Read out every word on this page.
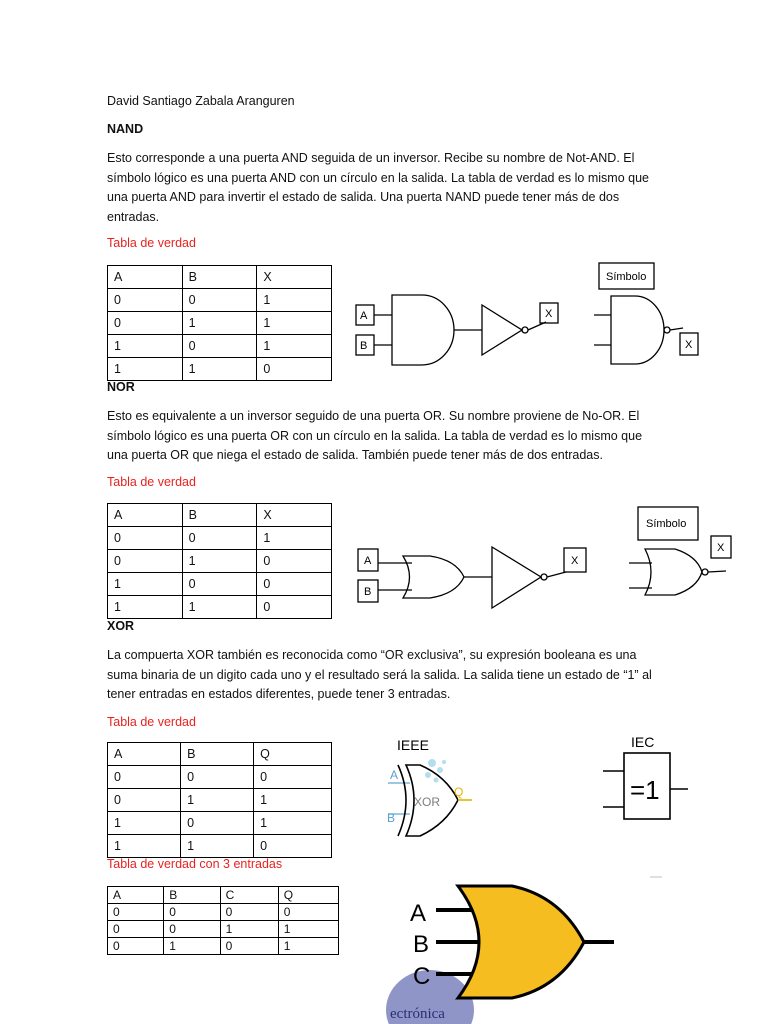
David Santiago Zabala Aranguren
NAND
Esto corresponde a una puerta AND seguida de un inversor. Recibe su nombre de Not-AND. El símbolo lógico es una puerta AND con un círculo en la salida. La tabla de verdad es lo mismo que una puerta AND para invertir el estado de salida. Una puerta NAND puede tener más de dos entradas.
Tabla de verdad
A	B	X
0	0	1
0	1	1
1	0	1
1	1	0
A
B
X
Símbolo
X
NOR
Esto es equivalente a un inversor seguido de una puerta OR. Su nombre proviene de No-OR. El símbolo lógico es una puerta OR con un círculo en la salida. La tabla de verdad es lo mismo que una puerta OR que niega el estado de salida. También puede tener más de dos entradas.
Tabla de verdad
A	B	X
0	0	1
0	1	0
1	0	0
1	1	0
A
B
X
Símbolo
X
XOR
La compuerta XOR también es reconocida como “OR exclusiva”, su expresión booleana es una suma binaria de un digito cada uno y el resultado será la salida. La salida tiene un estado de “1” al tener entradas en estados diferentes, puede tener 3 entradas.
Tabla de verdad
A	B	Q
0	0	0
0	1	1
1	0	1
1	1	0
Tabla de verdad con 3 entradas
A	B	C	Q
0	0	0	0
0	0	1	1
0	1	0	1
IEEE
A
B
Q
XOR
IEC
=1
ectrónica
A
B
C
